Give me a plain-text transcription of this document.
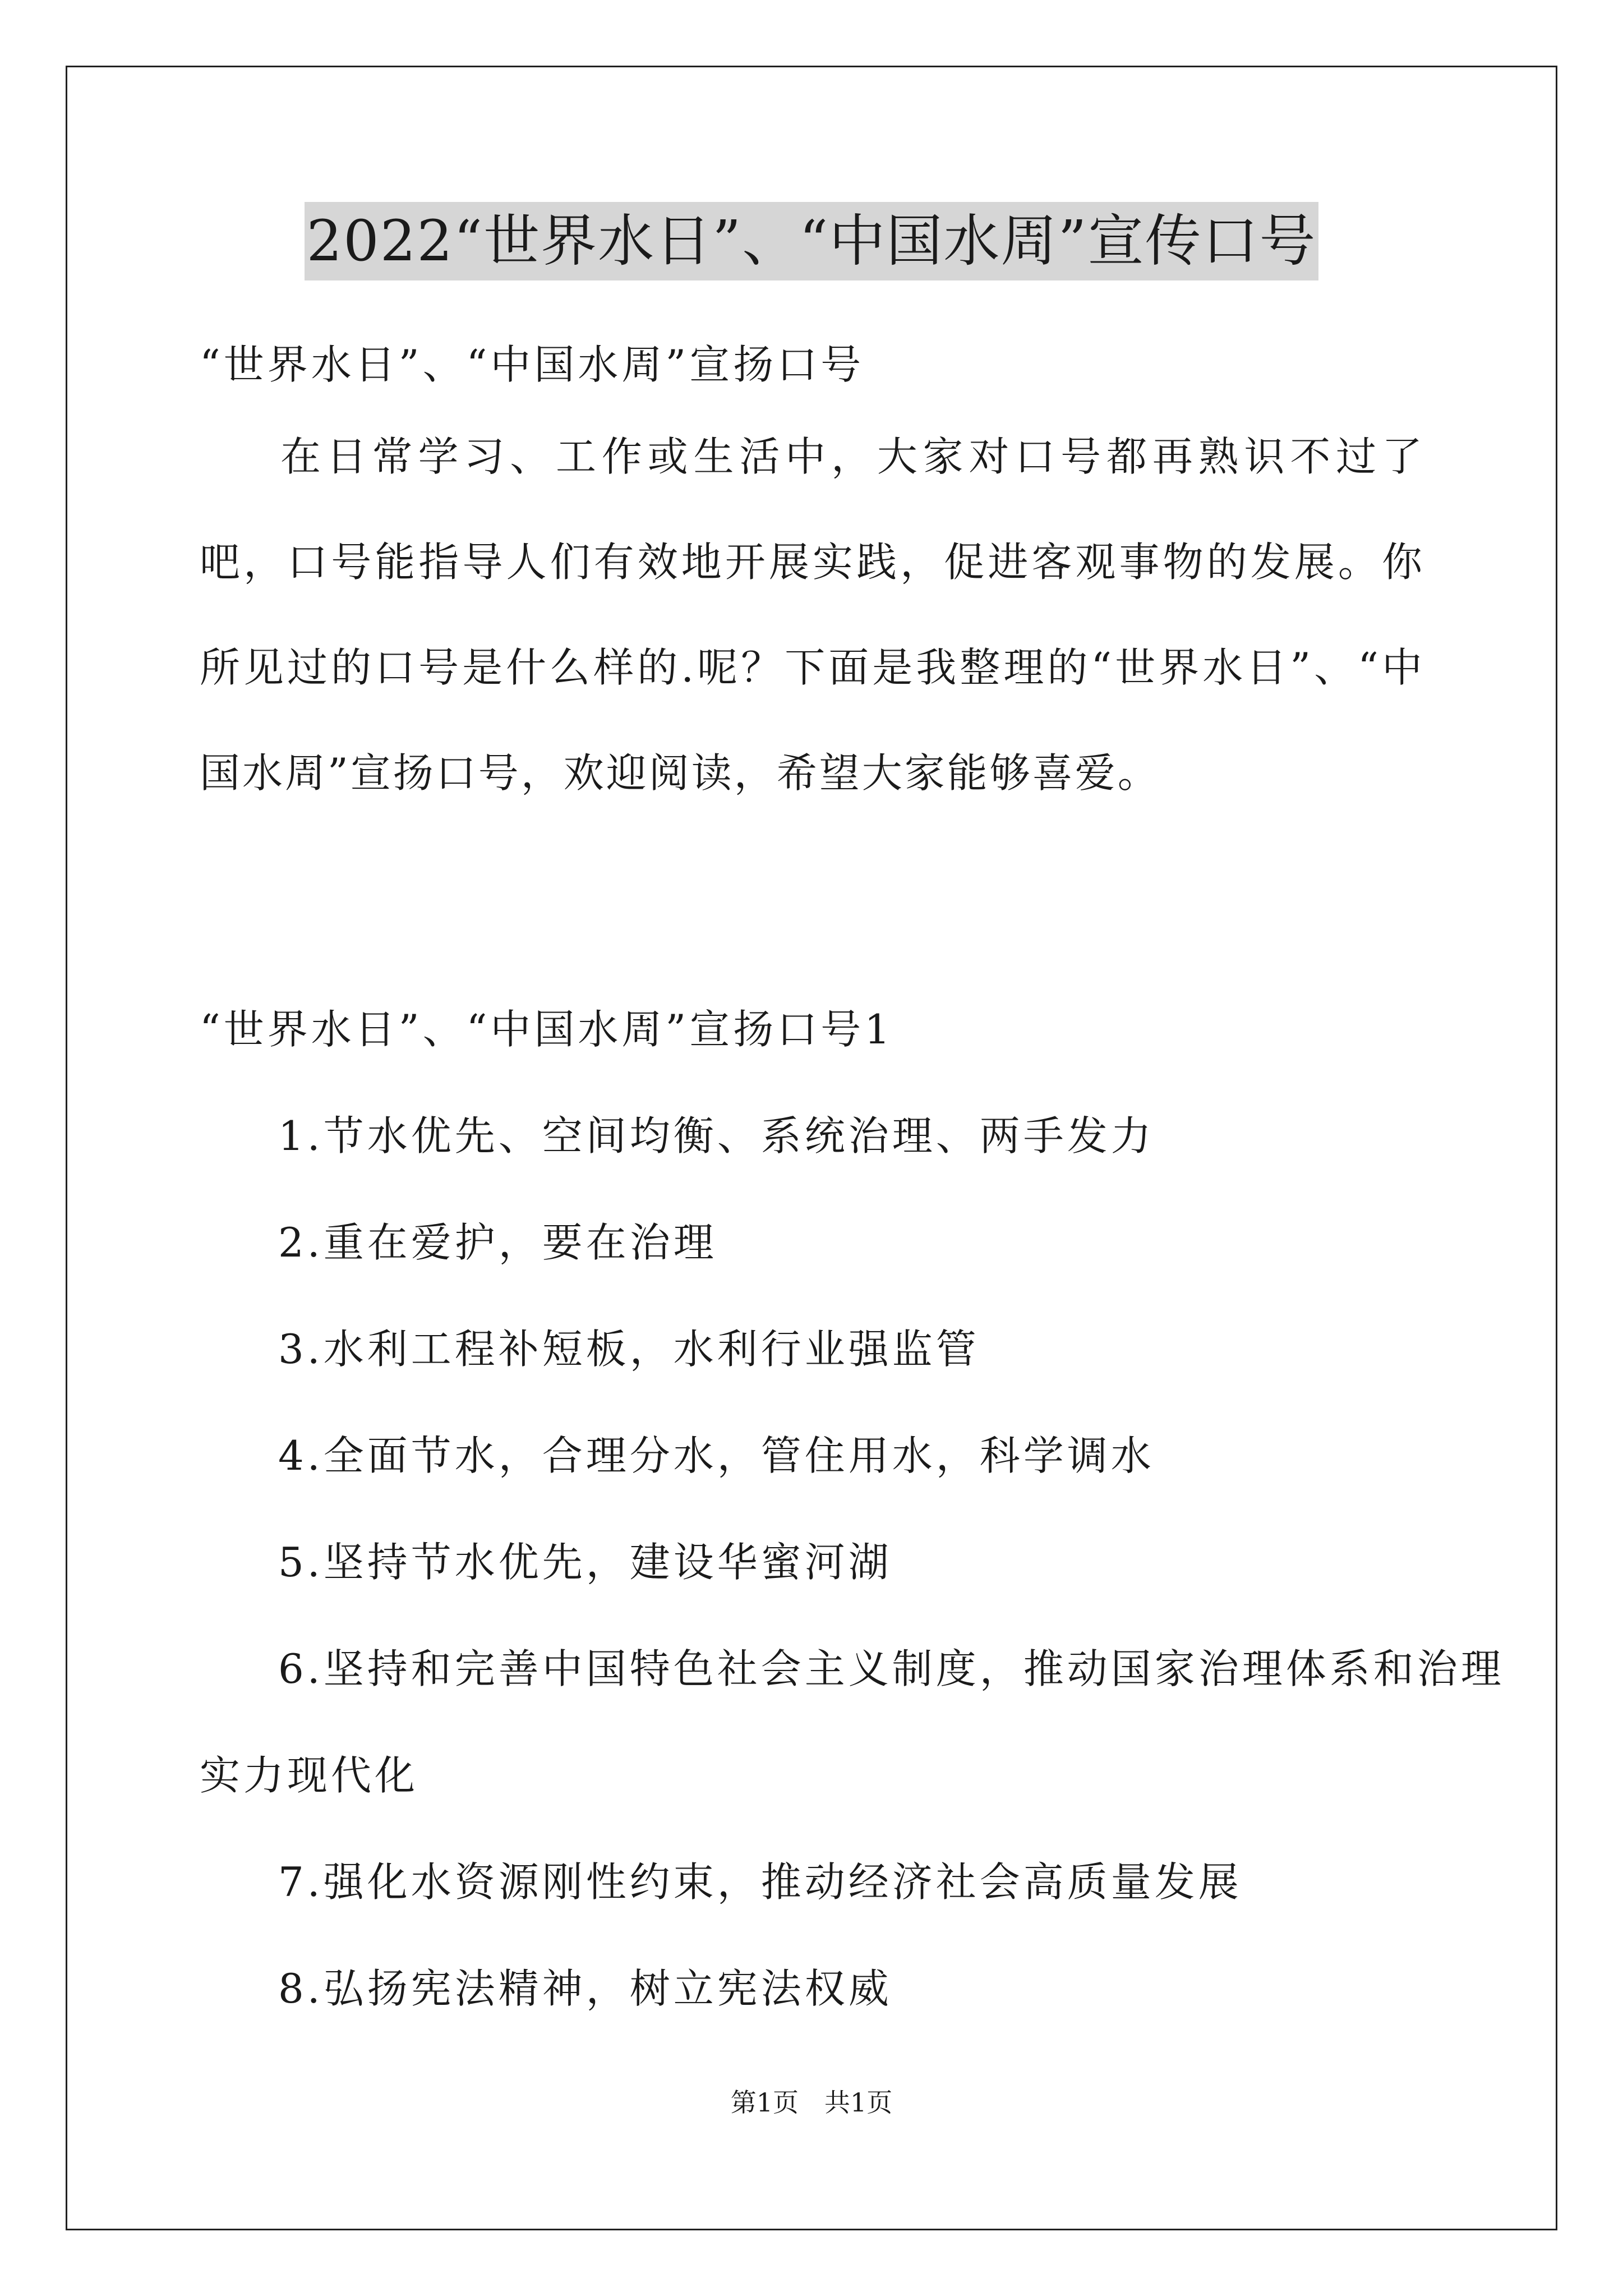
2022“世界水日”、“中国水周”宣传口号
“世界水日”、“中国水周”宣扬口号
在日常学习、工作或生活中，大家对口号都再熟识不过了吧，口号能指导人们有效地开展实践，促进客观事物的发展。你所见过的口号是什么样的.呢？下面是我整理的“世界水日”、“中国水周”宣扬口号，欢迎阅读，希望大家能够喜爱。
“世界水日”、“中国水周”宣扬口号1
1.节水优先、空间均衡、系统治理、两手发力
2.重在爱护，要在治理
3.水利工程补短板，水利行业强监管
4.全面节水，合理分水，管住用水，科学调水
5.坚持节水优先，建设华蜜河湖
6.坚持和完善中国特色社会主义制度，推动国家治理体系和治理
实力现代化
7.强化水资源刚性约束，推动经济社会高质量发展
8.弘扬宪法精神，树立宪法权威
第1页　共1页
